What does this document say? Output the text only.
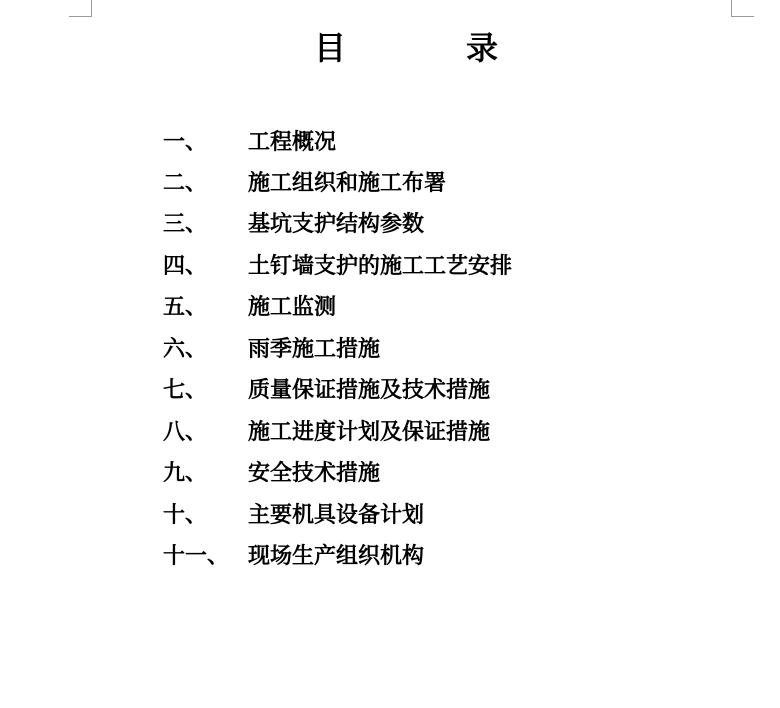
目	录
一、 工程概况
二、 施工组织和施工布署
三、 基坑支护结构参数
四、 土钉墙支护的施工工艺安排
五、 施工监测
六、 雨季施工措施
七、 质量保证措施及技术措施
八、 施工进度计划及保证措施
九、 安全技术措施
十、 主要机具设备计划
十一、 现场生产组织机构
